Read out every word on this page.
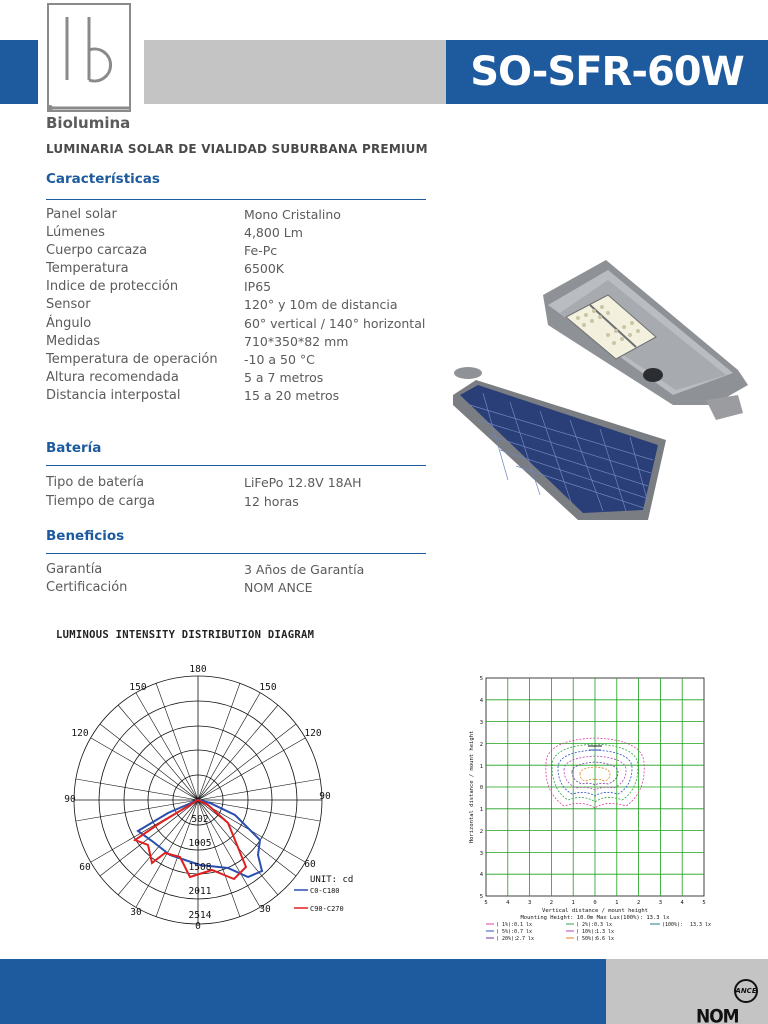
SO-SFR-60W
Biolumina
LUMINARIA SOLAR DE VIALIDAD SUBURBANA PREMIUM
Características
Panel solar	Mono Cristalino
Lúmenes	4,800 Lm
Cuerpo carcaza	Fe-Pc
Temperatura	6500K
Indice de protección	IP65
Sensor	120° y 10m de distancia
Ángulo	60° vertical / 140° horizontal
Medidas	710*350*82 mm
Temperatura de operación -10 a 50 °C
Altura recomendada	5 a 7 metros
Distancia interpostal	15 a 20 metros
Batería
Tipo de batería	LiFePo 12.8V 18AH
Tiempo de carga	12 horas
Beneficios
Garantía	3 Años de Garantía
Certificación	NOM ANCE
LUMINOUS INTENSITY DISTRIBUTION DIAGRAM
180
150	150
120	120
90	90
60	60
30	30
0
502
1005
1508
2011
2514
UNIT: cd
C0-C180
C90-C270
5	4	3	2	1	0	1	2	3	4	5
5
4
3
2
1
0
1
2
3
4
5
Horizontal distance / mount height
Vertical distance / mount height
Mounting Height: 10.0m Max Lux(100%): 13.3 lx
( 1%): 0.1 lx	( 2%): 0.3 lx	(100%): 13.3 lx
( 5%): 0.7 lx	( 10%):
1.3 lx
( 20%):
2.7 lx	( 50%):
6.6 lx
NOM
ANCE
